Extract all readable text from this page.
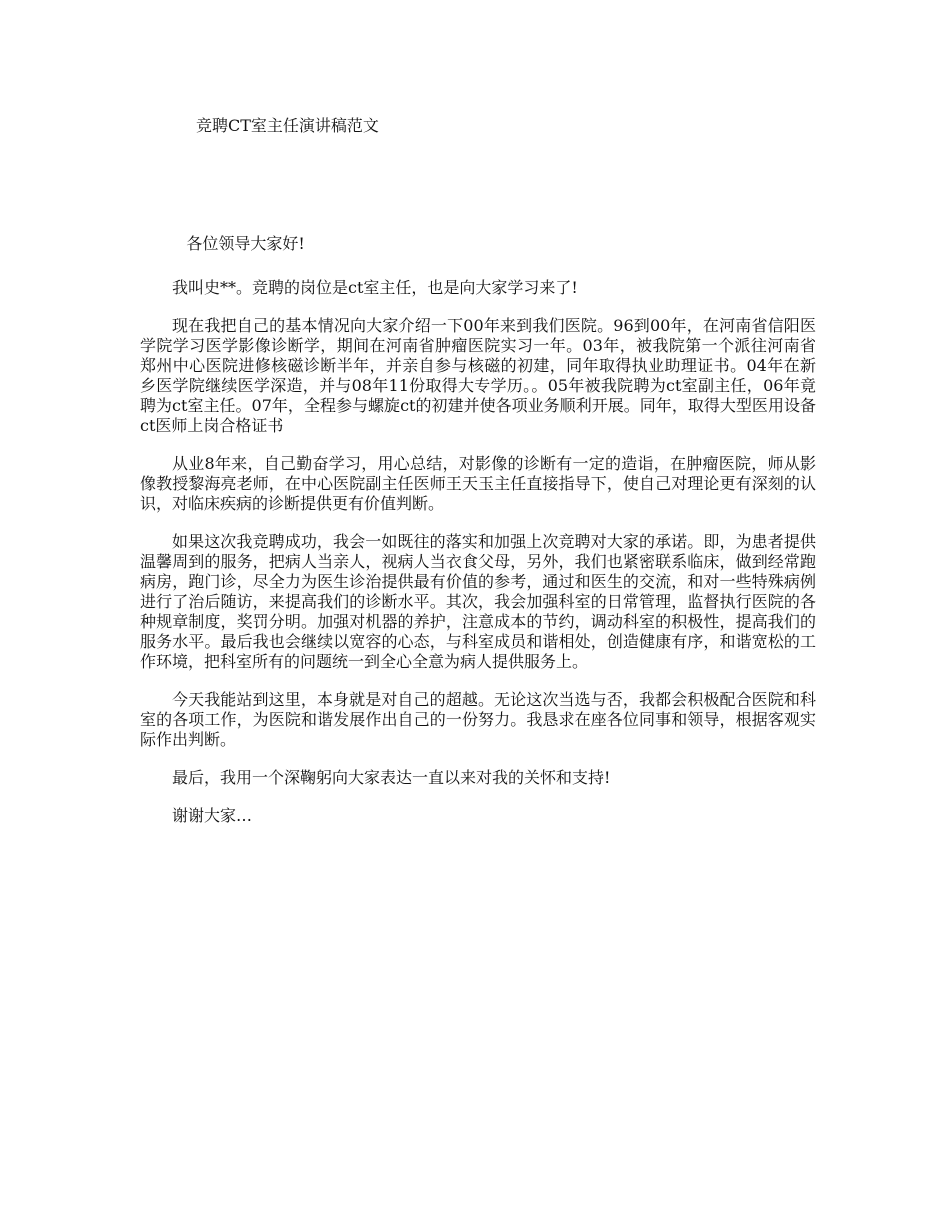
竞聘CT室主任演讲稿范文

各位领导大家好!

我叫史**。竞聘的岗位是ct室主任，也是向大家学习来了!

现在我把自己的基本情况向大家介绍一下00年来到我们医院。96到00年，在河南省信阳医学院学习医学影像诊断学，期间在河南省肿瘤医院实习一年。03年，被我院第一个派往河南省郑州中心医院进修核磁诊断半年，并亲自参与核磁的初建，同年取得执业助理证书。04年在新乡医学院继续医学深造，并与08年11份取得大专学历。。05年被我院聘为ct室副主任，06年竟聘为ct室主任。07年，全程参与螺旋ct的初建并使各项业务顺利开展。同年，取得大型医用设备ct医师上岗合格证书

从业8年来，自己勤奋学习，用心总结，对影像的诊断有一定的造诣，在肿瘤医院，师从影像教授黎海亮老师，在中心医院副主任医师王天玉主任直接指导下，使自己对理论更有深刻的认识，对临床疾病的诊断提供更有价值判断。

如果这次我竞聘成功，我会一如既往的落实和加强上次竞聘对大家的承诺。即，为患者提供温馨周到的服务，把病人当亲人，视病人当衣食父母，另外，我们也紧密联系临床，做到经常跑病房，跑门诊，尽全力为医生诊治提供最有价值的参考，通过和医生的交流，和对一些特殊病例进行了治后随访，来提高我们的诊断水平。其次，我会加强科室的日常管理，监督执行医院的各种规章制度，奖罚分明。加强对机器的养护，注意成本的节约，调动科室的积极性，提高我们的服务水平。最后我也会继续以宽容的心态，与科室成员和谐相处，创造健康有序，和谐宽松的工作环境，把科室所有的问题统一到全心全意为病人提供服务上。

今天我能站到这里，本身就是对自己的超越。无论这次当选与否，我都会积极配合医院和科室的各项工作，为医院和谐发展作出自己的一份努力。我恳求在座各位同事和领导，根据客观实际作出判断。

最后，我用一个深鞠躬向大家表达一直以来对我的关怀和支持!

谢谢大家…
